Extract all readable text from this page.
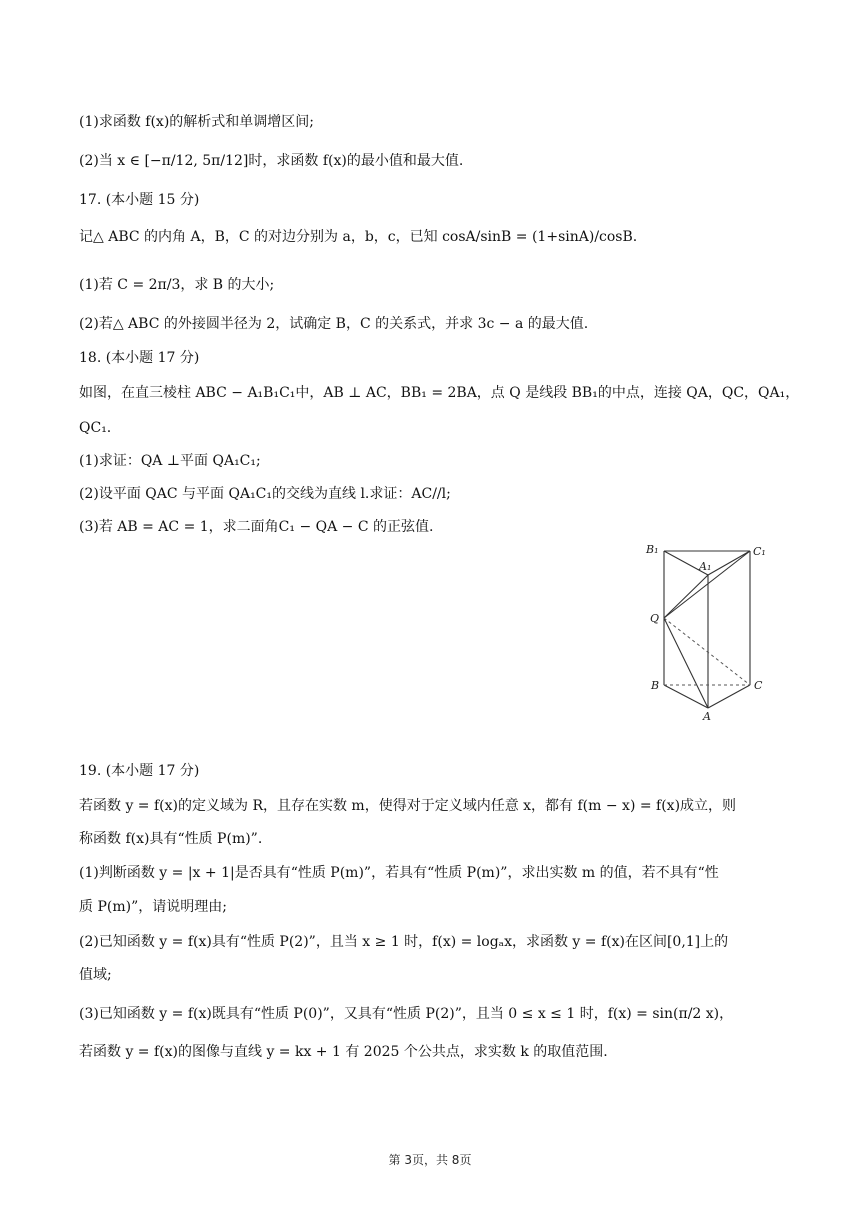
(1)求函数 f(x)的解析式和单调增区间;
(2)当 x ∈ [−π/12, 5π/12]时，求函数 f(x)的最小值和最大值.
17. (本小题 15 分)
记△ ABC 的内角 A，B，C 的对边分别为 a，b，c，已知 cosA/sinB = (1+sinA)/cosB.
(1)若 C = 2π/3，求 B 的大小;
(2)若△ ABC 的外接圆半径为 2，试确定 B，C 的关系式，并求 3c − a 的最大值.
18. (本小题 17 分)
如图，在直三棱柱 ABC − A₁B₁C₁中，AB ⊥ AC，BB₁ = 2BA，点 Q 是线段 BB₁的中点，连接 QA，QC，QA₁，
QC₁.
(1)求证：QA ⊥平面 QA₁C₁;
(2)设平面 QAC 与平面 QA₁C₁的交线为直线 l.求证：AC//l;
(3)若 AB = AC = 1，求二面角C₁ − QA − C 的正弦值.
B₁
A₁
C₁
Q
B	C
A
19. (本小题 17 分)
若函数 y = f(x)的定义域为 R，且存在实数 m，使得对于定义域内任意 x，都有 f(m − x) = f(x)成立，则
称函数 f(x)具有“性质 P(m)”.
(1)判断函数 y = |x + 1|是否具有“性质 P(m)”，若具有“性质 P(m)”，求出实数 m 的值，若不具有“性
质 P(m)”，请说明理由;
(2)已知函数 y = f(x)具有“性质 P(2)”，且当 x ≥ 1 时，f(x) = logₐx，求函数 y = f(x)在区间[0,1]上的
值域;
(3)已知函数 y = f(x)既具有“性质 P(0)”，又具有“性质 P(2)”，且当 0 ≤ x ≤ 1 时，f(x) = sin(π/2 x)，
若函数 y = f(x)的图像与直线 y = kx + 1 有 2025 个公共点，求实数 k 的取值范围.
第 3页，共 8页
